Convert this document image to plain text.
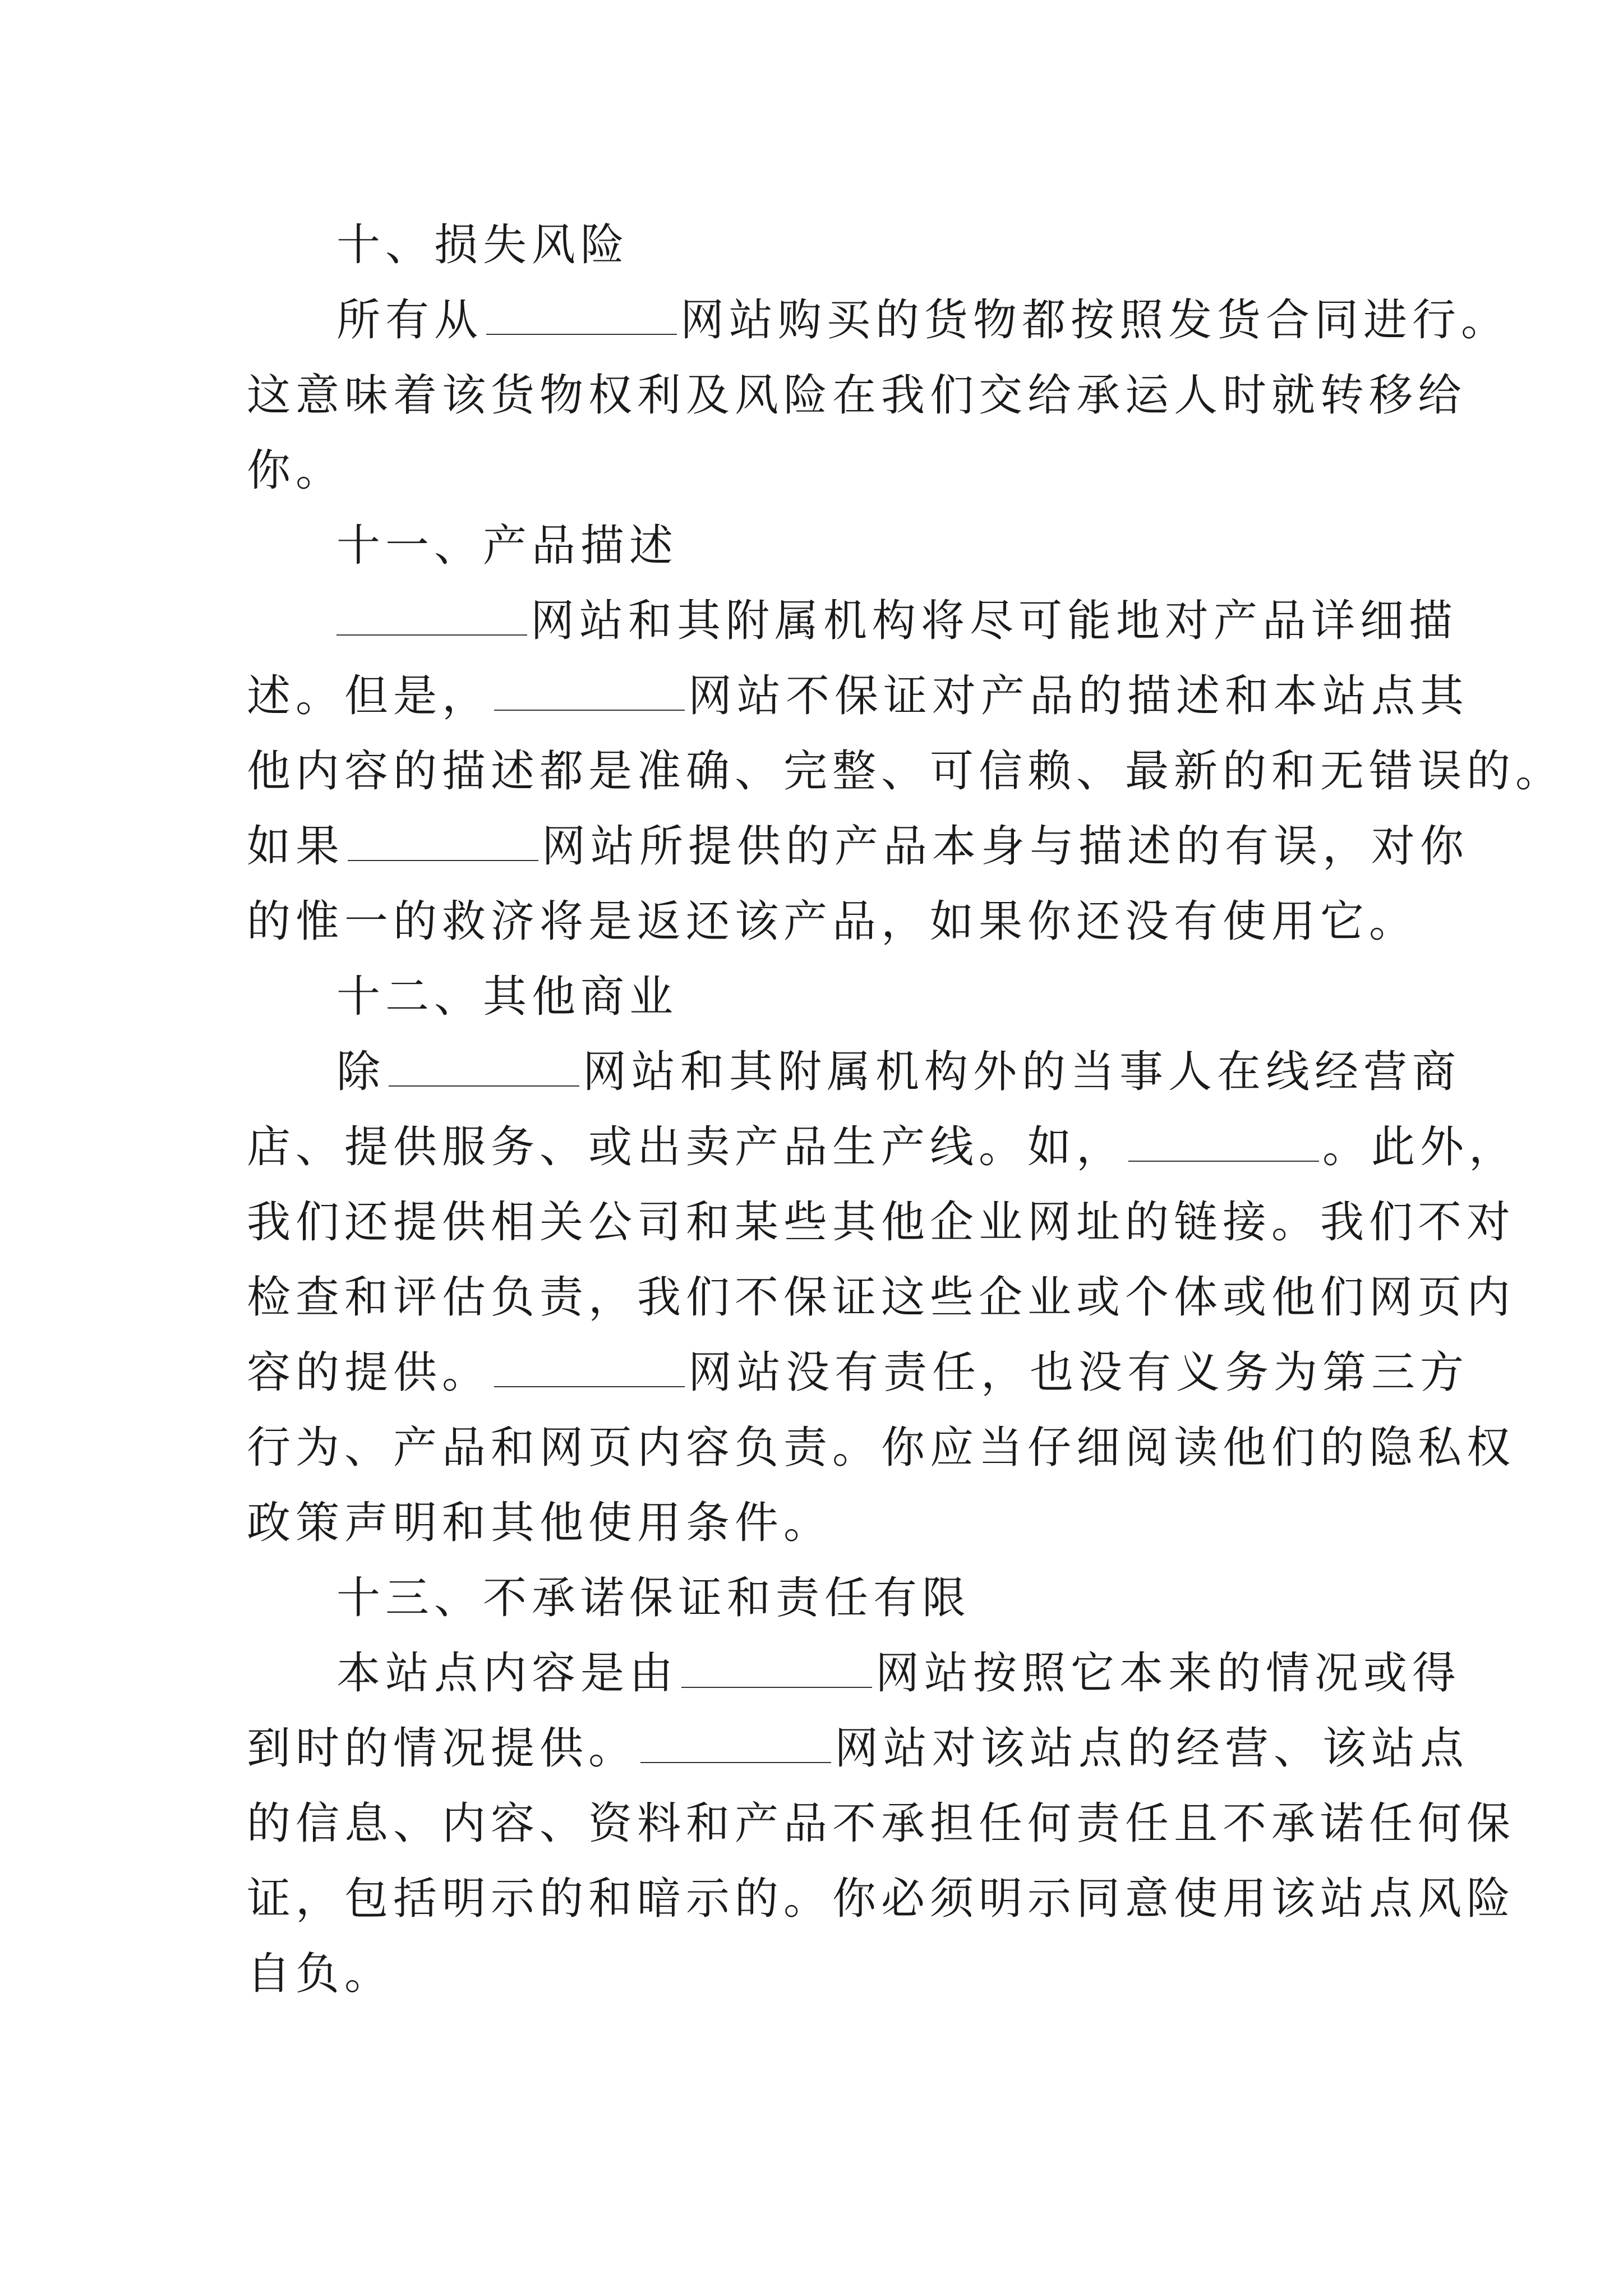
十、损失风险
所有从	网站购买的货物都按照发货合同进行。
这意味着该货物权利及风险在我们交给承运人时就转移给
你。
十一、产品描述
网站和其附属机构将尽可能地对产品详细描
述。但是，	网站不保证对产品的描述和本站点其
他内容的描述都是准确、完整、可信赖、最新的和无错误的。
如果	网站所提供的产品本身与描述的有误，对你
的惟一的救济将是返还该产品，如果你还没有使用它。
十二、其他商业
除	网站和其附属机构外的当事人在线经营商
店、提供服务、或出卖产品生产线。如，	。此外，
我们还提供相关公司和某些其他企业网址的链接。我们不对
检查和评估负责，我们不保证这些企业或个体或他们网页内
容的提供。	网站没有责任，也没有义务为第三方
行为、产品和网页内容负责。你应当仔细阅读他们的隐私权
政策声明和其他使用条件。
十三、不承诺保证和责任有限
本站点内容是由	网站按照它本来的情况或得
到时的情况提供。	网站对该站点的经营、该站点
的信息、内容、资料和产品不承担任何责任且不承诺任何保
证，包括明示的和暗示的。你必须明示同意使用该站点风险
自负。
